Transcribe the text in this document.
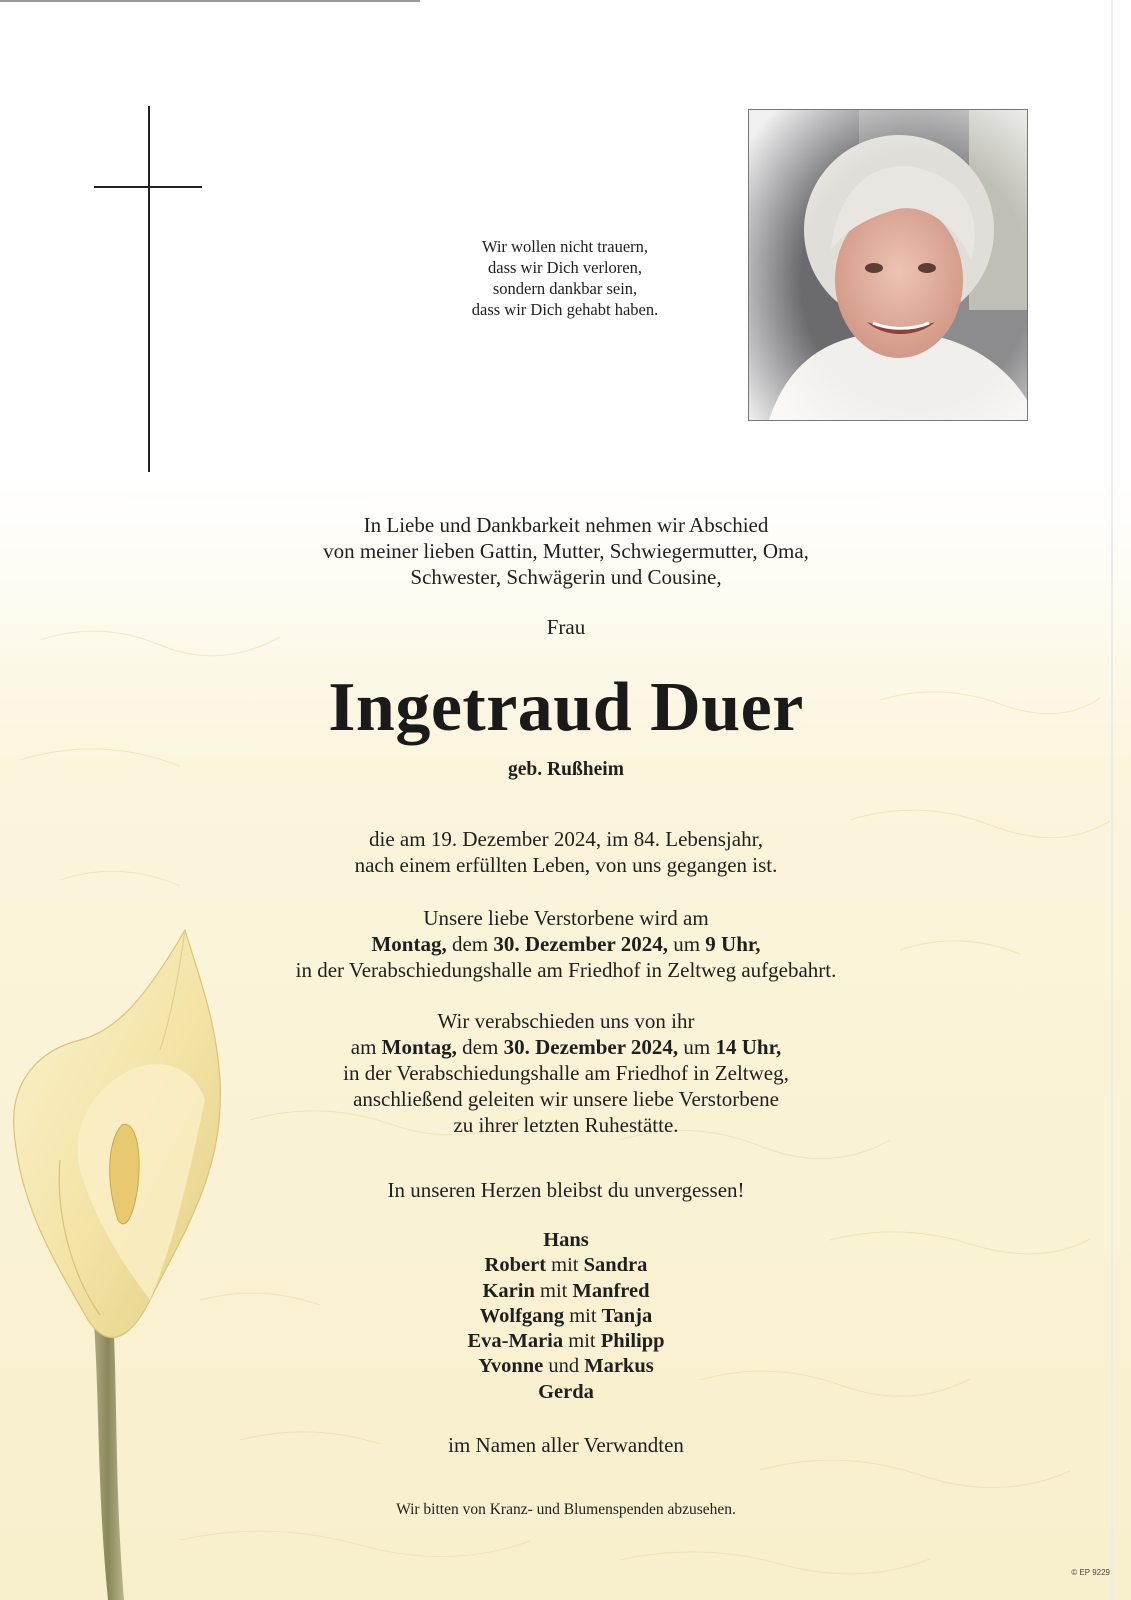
Wir wollen nicht trauern,
dass wir Dich verloren,
sondern dankbar sein,
dass wir Dich gehabt haben.
In Liebe und Dankbarkeit nehmen wir Abschied
von meiner lieben Gattin, Mutter, Schwiegermutter, Oma,
Schwester, Schwägerin und Cousine,
Frau
Ingetraud Duer
geb. Rußheim
die am 19. Dezember 2024, im 84. Lebensjahr,
nach einem erfüllten Leben, von uns gegangen ist.
Unsere liebe Verstorbene wird am
Montag, dem 30. Dezember 2024, um 9 Uhr,
in der Verabschiedungshalle am Friedhof in Zeltweg aufgebahrt.
Wir verabschieden uns von ihr
am Montag, dem 30. Dezember 2024, um 14 Uhr,
in der Verabschiedungshalle am Friedhof in Zeltweg,
anschließend geleiten wir unsere liebe Verstorbene
zu ihrer letzten Ruhestätte.
In unseren Herzen bleibst du unvergessen!
Hans
Robert mit Sandra
Karin mit Manfred
Wolfgang mit Tanja
Eva-Maria mit Philipp
Yvonne und Markus
Gerda
im Namen aller Verwandten
Wir bitten von Kranz- und Blumenspenden abzusehen.
© EP 9229
